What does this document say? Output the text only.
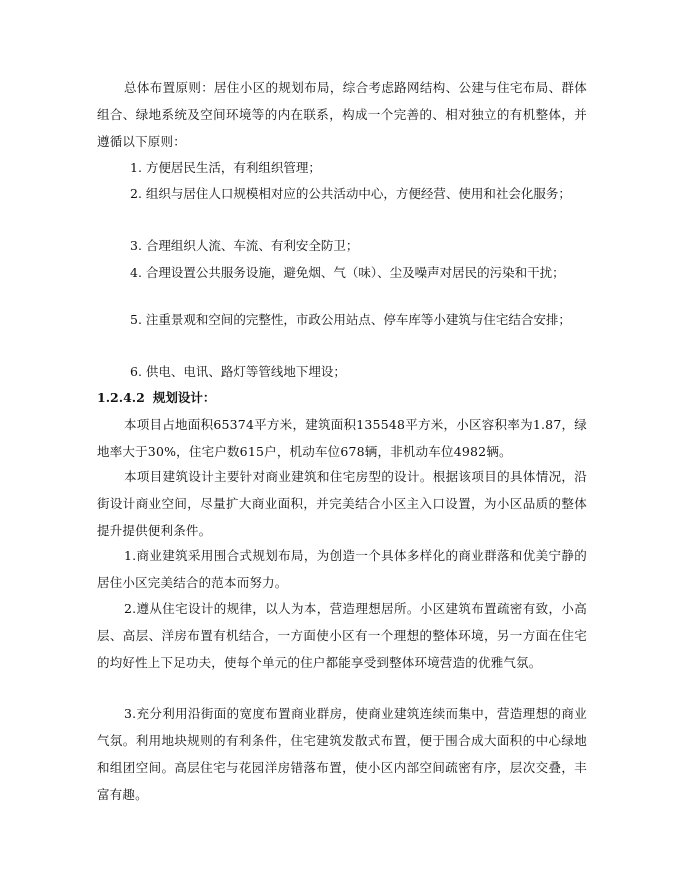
总体布置原则：居住小区的规划布局，综合考虑路网结构、公建与住宅布局、群体组合、绿地系统及空间环境等的内在联系，构成一个完善的、相对独立的有机整体，并遵循以下原则：

1. 方便居民生活，有利组织管理；

2. 组织与居住人口规模相对应的公共活动中心，方便经营、使用和社会化服务；

3. 合理组织人流、车流、有利安全防卫；

4. 合理设置公共服务设施，避免烟、气（味）、尘及噪声对居民的污染和干扰；

5. 注重景观和空间的完整性，市政公用站点、停车库等小建筑与住宅结合安排；

6. 供电、电讯、路灯等管线地下埋设；

1.2.4.2 规划设计：

本项目占地面积65374平方米，建筑面积135548平方米，小区容积率为1.87，绿地率大于30%，住宅户数615户，机动车位678辆，非机动车位4982辆。

本项目建筑设计主要针对商业建筑和住宅房型的设计。根据该项目的具体情况，沿街设计商业空间，尽量扩大商业面积，并完美结合小区主入口设置，为小区品质的整体提升提供便利条件。

1.商业建筑采用围合式规划布局，为创造一个具体多样化的商业群落和优美宁静的居住小区完美结合的范本而努力。

2.遵从住宅设计的规律，以人为本，营造理想居所。小区建筑布置疏密有致，小高层、高层、洋房布置有机结合，一方面使小区有一个理想的整体环境，另一方面在住宅的均好性上下足功夫，使每个单元的住户都能享受到整体环境营造的优雅气氛。

3.充分利用沿街面的宽度布置商业群房，使商业建筑连续而集中，营造理想的商业气氛。利用地块规则的有利条件，住宅建筑发散式布置，便于围合成大面积的中心绿地和组团空间。高层住宅与花园洋房错落布置，使小区内部空间疏密有序，层次交叠，丰富有趣。
